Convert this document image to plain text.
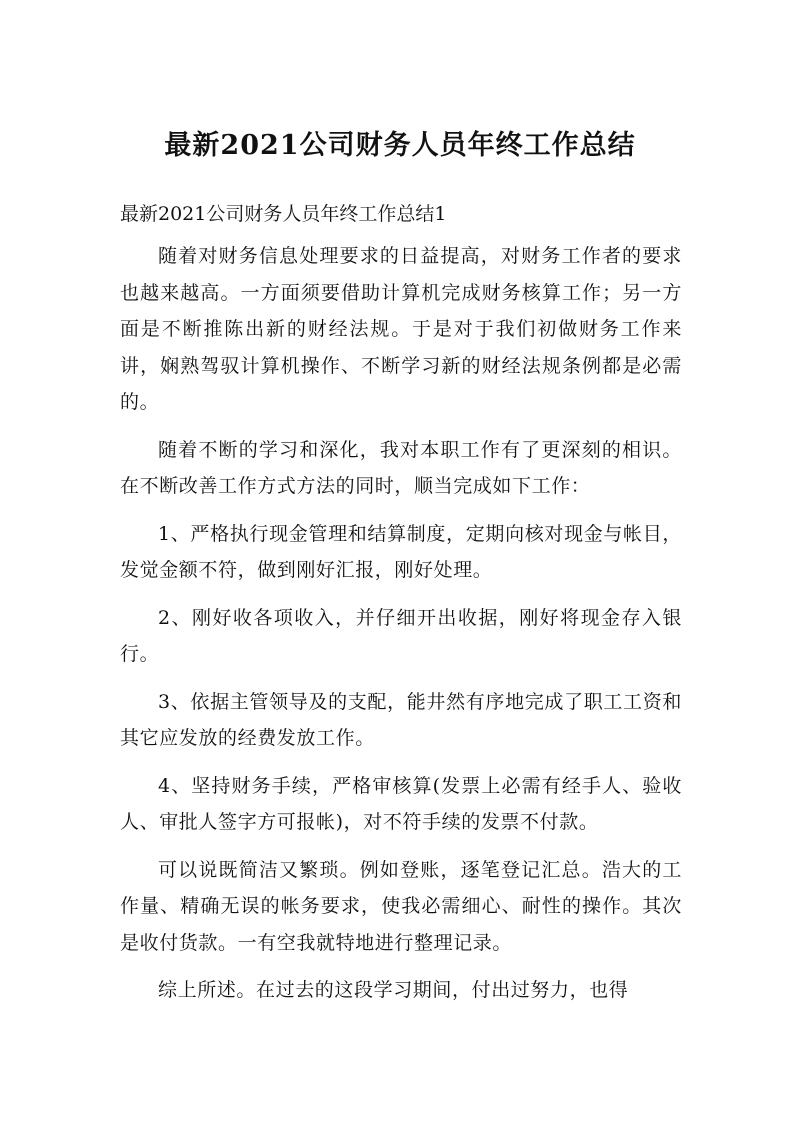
最新2021公司财务人员年终工作总结

最新2021公司财务人员年终工作总结1

随着对财务信息处理要求的日益提高，对财务工作者的要求也越来越高。一方面须要借助计算机完成财务核算工作；另一方面是不断推陈出新的财经法规。于是对于我们初做财务工作来讲，娴熟驾驭计算机操作、不断学习新的财经法规条例都是必需的。

随着不断的学习和深化，我对本职工作有了更深刻的相识。在不断改善工作方式方法的同时，顺当完成如下工作：

1、严格执行现金管理和结算制度，定期向核对现金与帐目，发觉金额不符，做到刚好汇报，刚好处理。

2、刚好收各项收入，并仔细开出收据，刚好将现金存入银行。

3、依据主管领导及的支配，能井然有序地完成了职工工资和其它应发放的经费发放工作。

4、坚持财务手续，严格审核算(发票上必需有经手人、验收人、审批人签字方可报帐)，对不符手续的发票不付款。

可以说既简洁又繁琐。例如登账，逐笔登记汇总。浩大的工作量、精确无误的帐务要求，使我必需细心、耐性的操作。其次是收付货款。一有空我就特地进行整理记录。

综上所述。在过去的这段学习期间，付出过努力，也得
